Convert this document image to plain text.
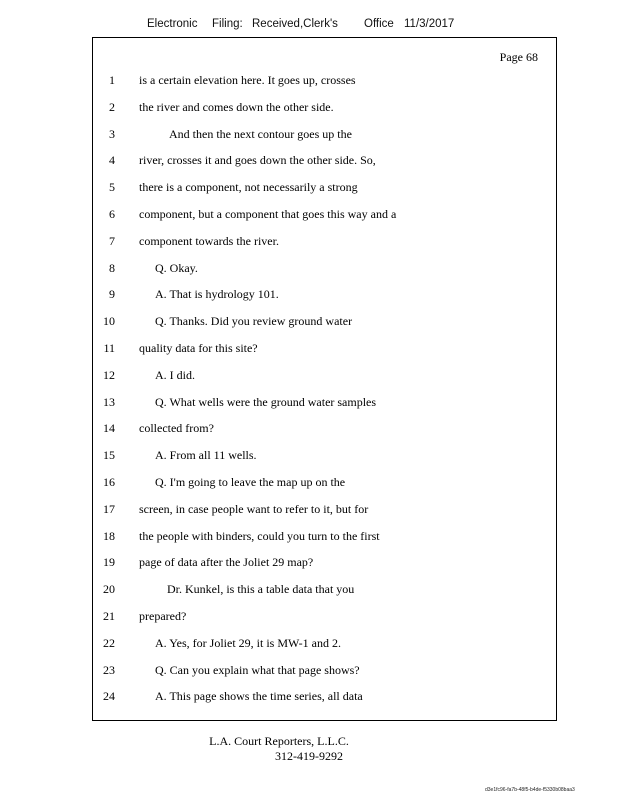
Electronic Filing: Received,Clerk's Office 11/3/2017
Page 68
1 is a certain elevation here. It goes up, crosses
2 the river and comes down the other side.
3	And then the next contour goes up the
4 river, crosses it and goes down the other side. So,
5 there is a component, not necessarily a strong
6 component, but a component that goes this way and a
7 component towards the river.
8	Q. Okay.
9	A. That is hydrology 101.
10	Q. Thanks. Did you review ground water
11 quality data for this site?
12	A. I did.
13	Q. What wells were the ground water samples
14 collected from?
15	A. From all 11 wells.
16	Q. I'm going to leave the map up on the
17 screen, in case people want to refer to it, but for
18 the people with binders, could you turn to the first
19 page of data after the Joliet 29 map?
20	Dr. Kunkel, is this a table data that you
21 prepared?
22	A. Yes, for Joliet 29, it is MW-1 and 2.
23	Q. Can you explain what that page shows?
24	A. This page shows the time series, all data
L.A. Court Reporters, L.L.C.
312-419-9292
d3e1fc96-fa7b-48f5-b4de-f5330b08baa3
